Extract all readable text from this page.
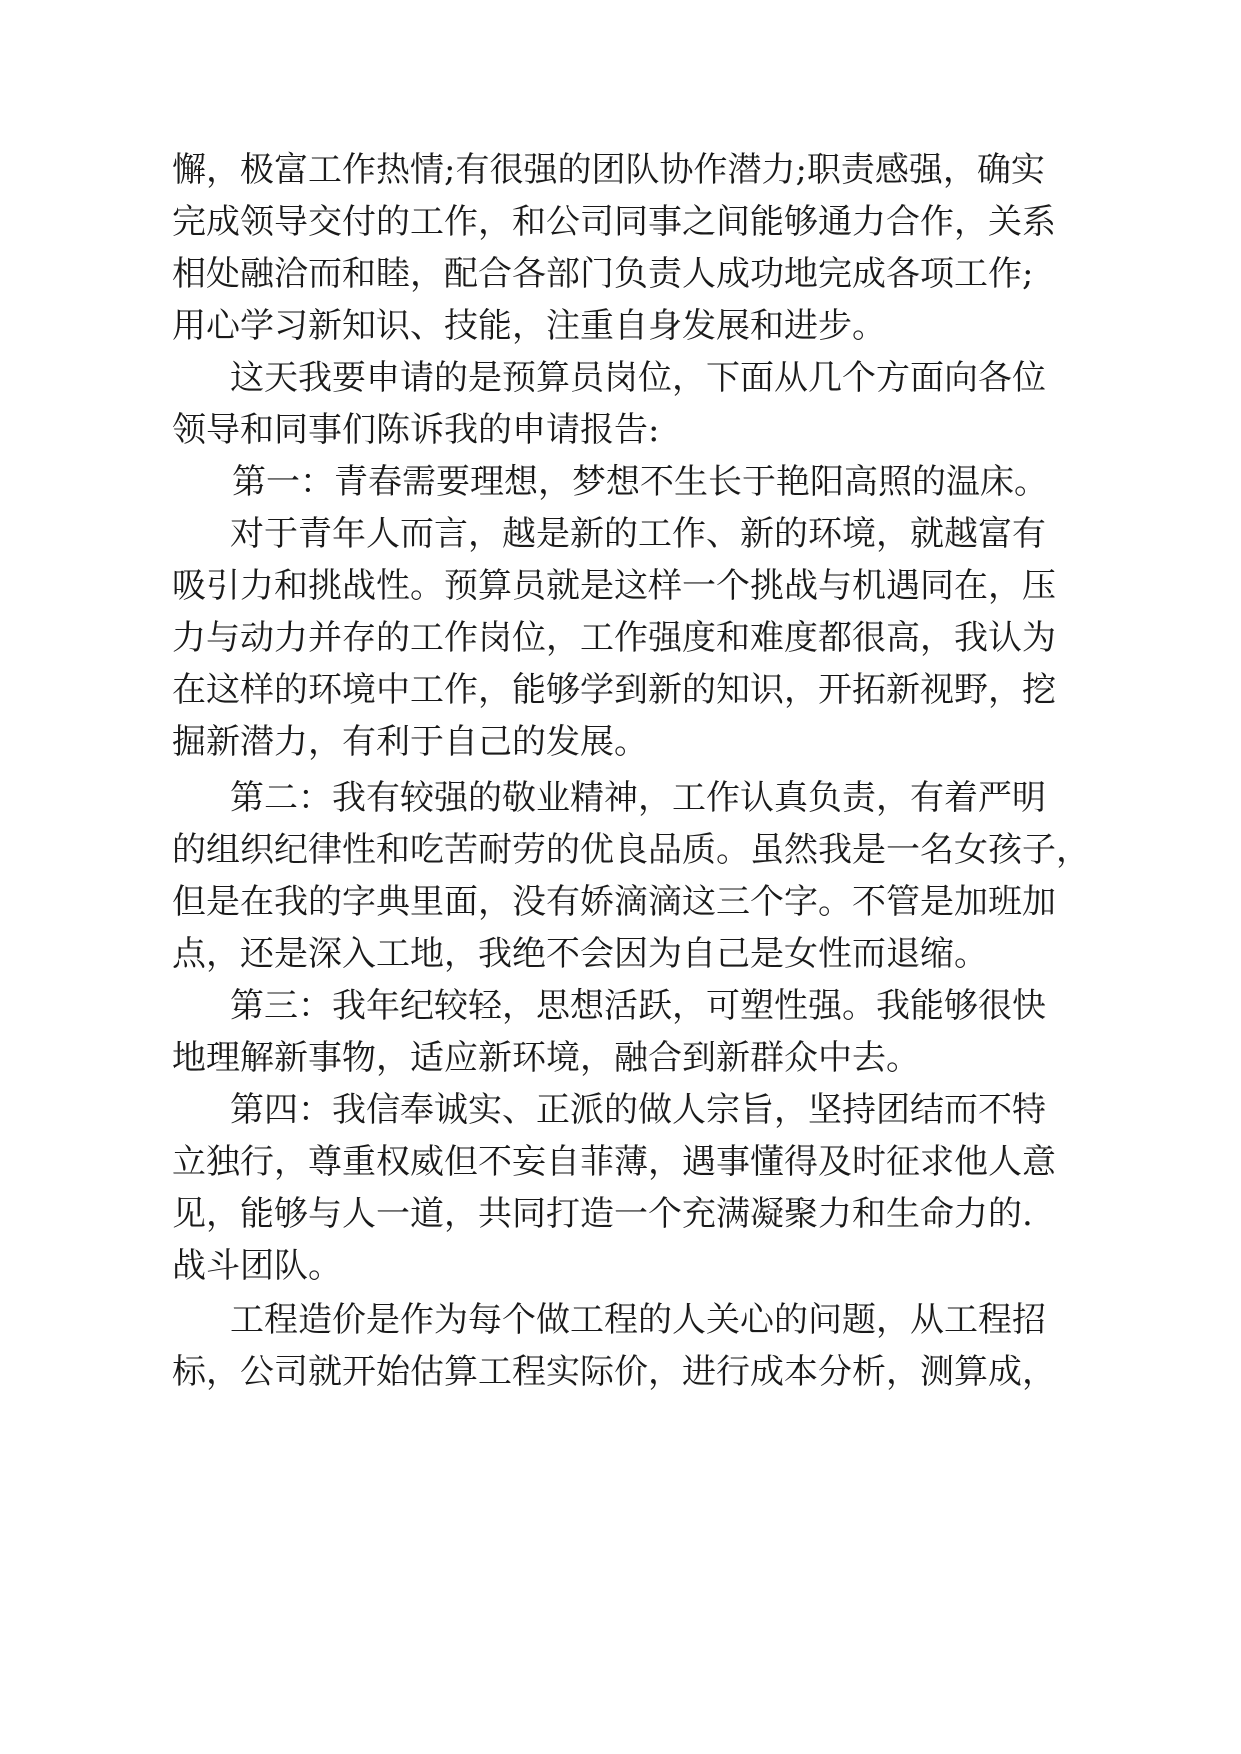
懈，极富工作热情;有很强的团队协作潜力;职责感强，确实

完成领导交付的工作，和公司同事之间能够通力合作，关系

相处融洽而和睦，配合各部门负责人成功地完成各项工作;

用心学习新知识、技能，注重自身发展和进步。

这天我要申请的是预算员岗位，下面从几个方面向各位

领导和同事们陈诉我的申请报告:

第一：青春需要理想，梦想不生长于艳阳高照的温床。

对于青年人而言，越是新的工作、新的环境，就越富有

吸引力和挑战性。预算员就是这样一个挑战与机遇同在，压

力与动力并存的工作岗位，工作强度和难度都很高，我认为

在这样的环境中工作，能够学到新的知识，开拓新视野，挖

掘新潜力，有利于自己的发展。

第二：我有较强的敬业精神，工作认真负责，有着严明

的组织纪律性和吃苦耐劳的优良品质。虽然我是一名女孩子，

但是在我的字典里面，没有娇滴滴这三个字。不管是加班加

点，还是深入工地，我绝不会因为自己是女性而退缩。

第三：我年纪较轻，思想活跃，可塑性强。我能够很快

地理解新事物，适应新环境，融合到新群众中去。

第四：我信奉诚实、正派的做人宗旨，坚持团结而不特

立独行，尊重权威但不妄自菲薄，遇事懂得及时征求他人意

见，能够与人一道，共同打造一个充满凝聚力和生命力的.

战斗团队。

工程造价是作为每个做工程的人关心的问题，从工程招

标，公司就开始估算工程实际价，进行成本分析，测算成，
